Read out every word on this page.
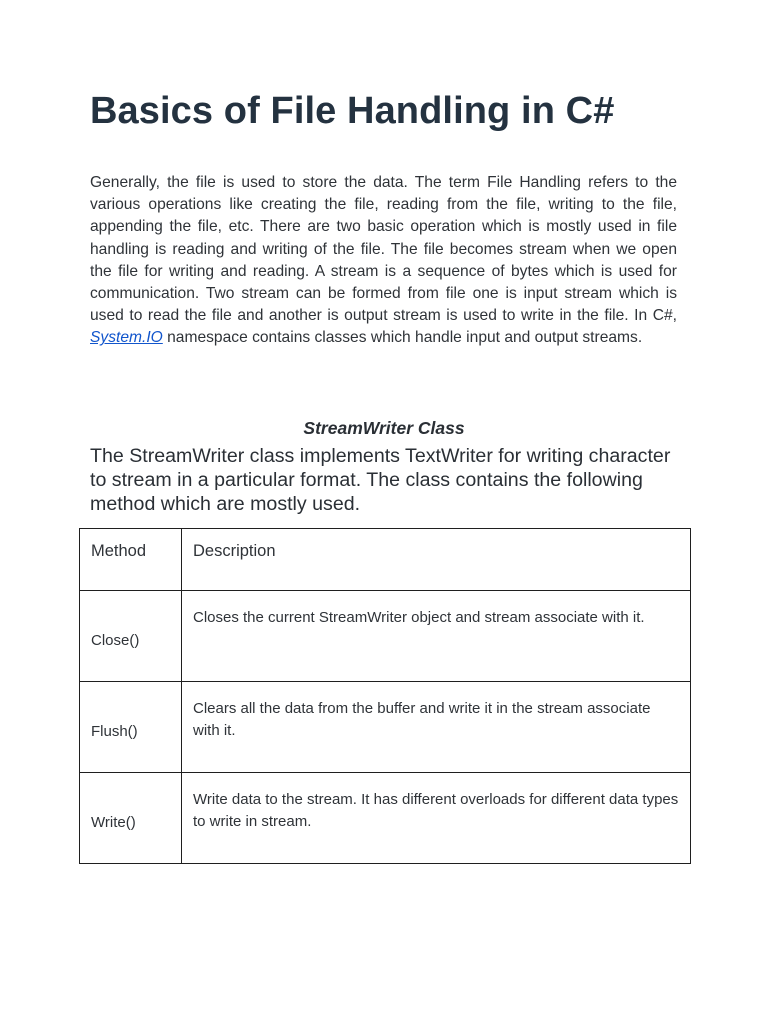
Basics of File Handling in C#

Generally, the file is used to store the data. The term File Handling refers to the various operations like creating the file, reading from the file, writing to the file, appending the file, etc. There are two basic operation which is mostly used in file handling is reading and writing of the file. The file becomes stream when we open the file for writing and reading. A stream is a sequence of bytes which is used for communication. Two stream can be formed from file one is input stream which is used to read the file and another is output stream is used to write in the file. In C#, System.IO namespace contains classes which handle input and output streams.

StreamWriter Class

The StreamWriter class implements TextWriter for writing character to stream in a particular format. The class contains the following method which are mostly used.

Method	Description
Close()	Closes the current StreamWriter object and stream associate with it.
Flush()	Clears all the data from the buffer and write it in the stream associate with it.
Write()	Write data to the stream. It has different overloads for different data types to write in stream.
